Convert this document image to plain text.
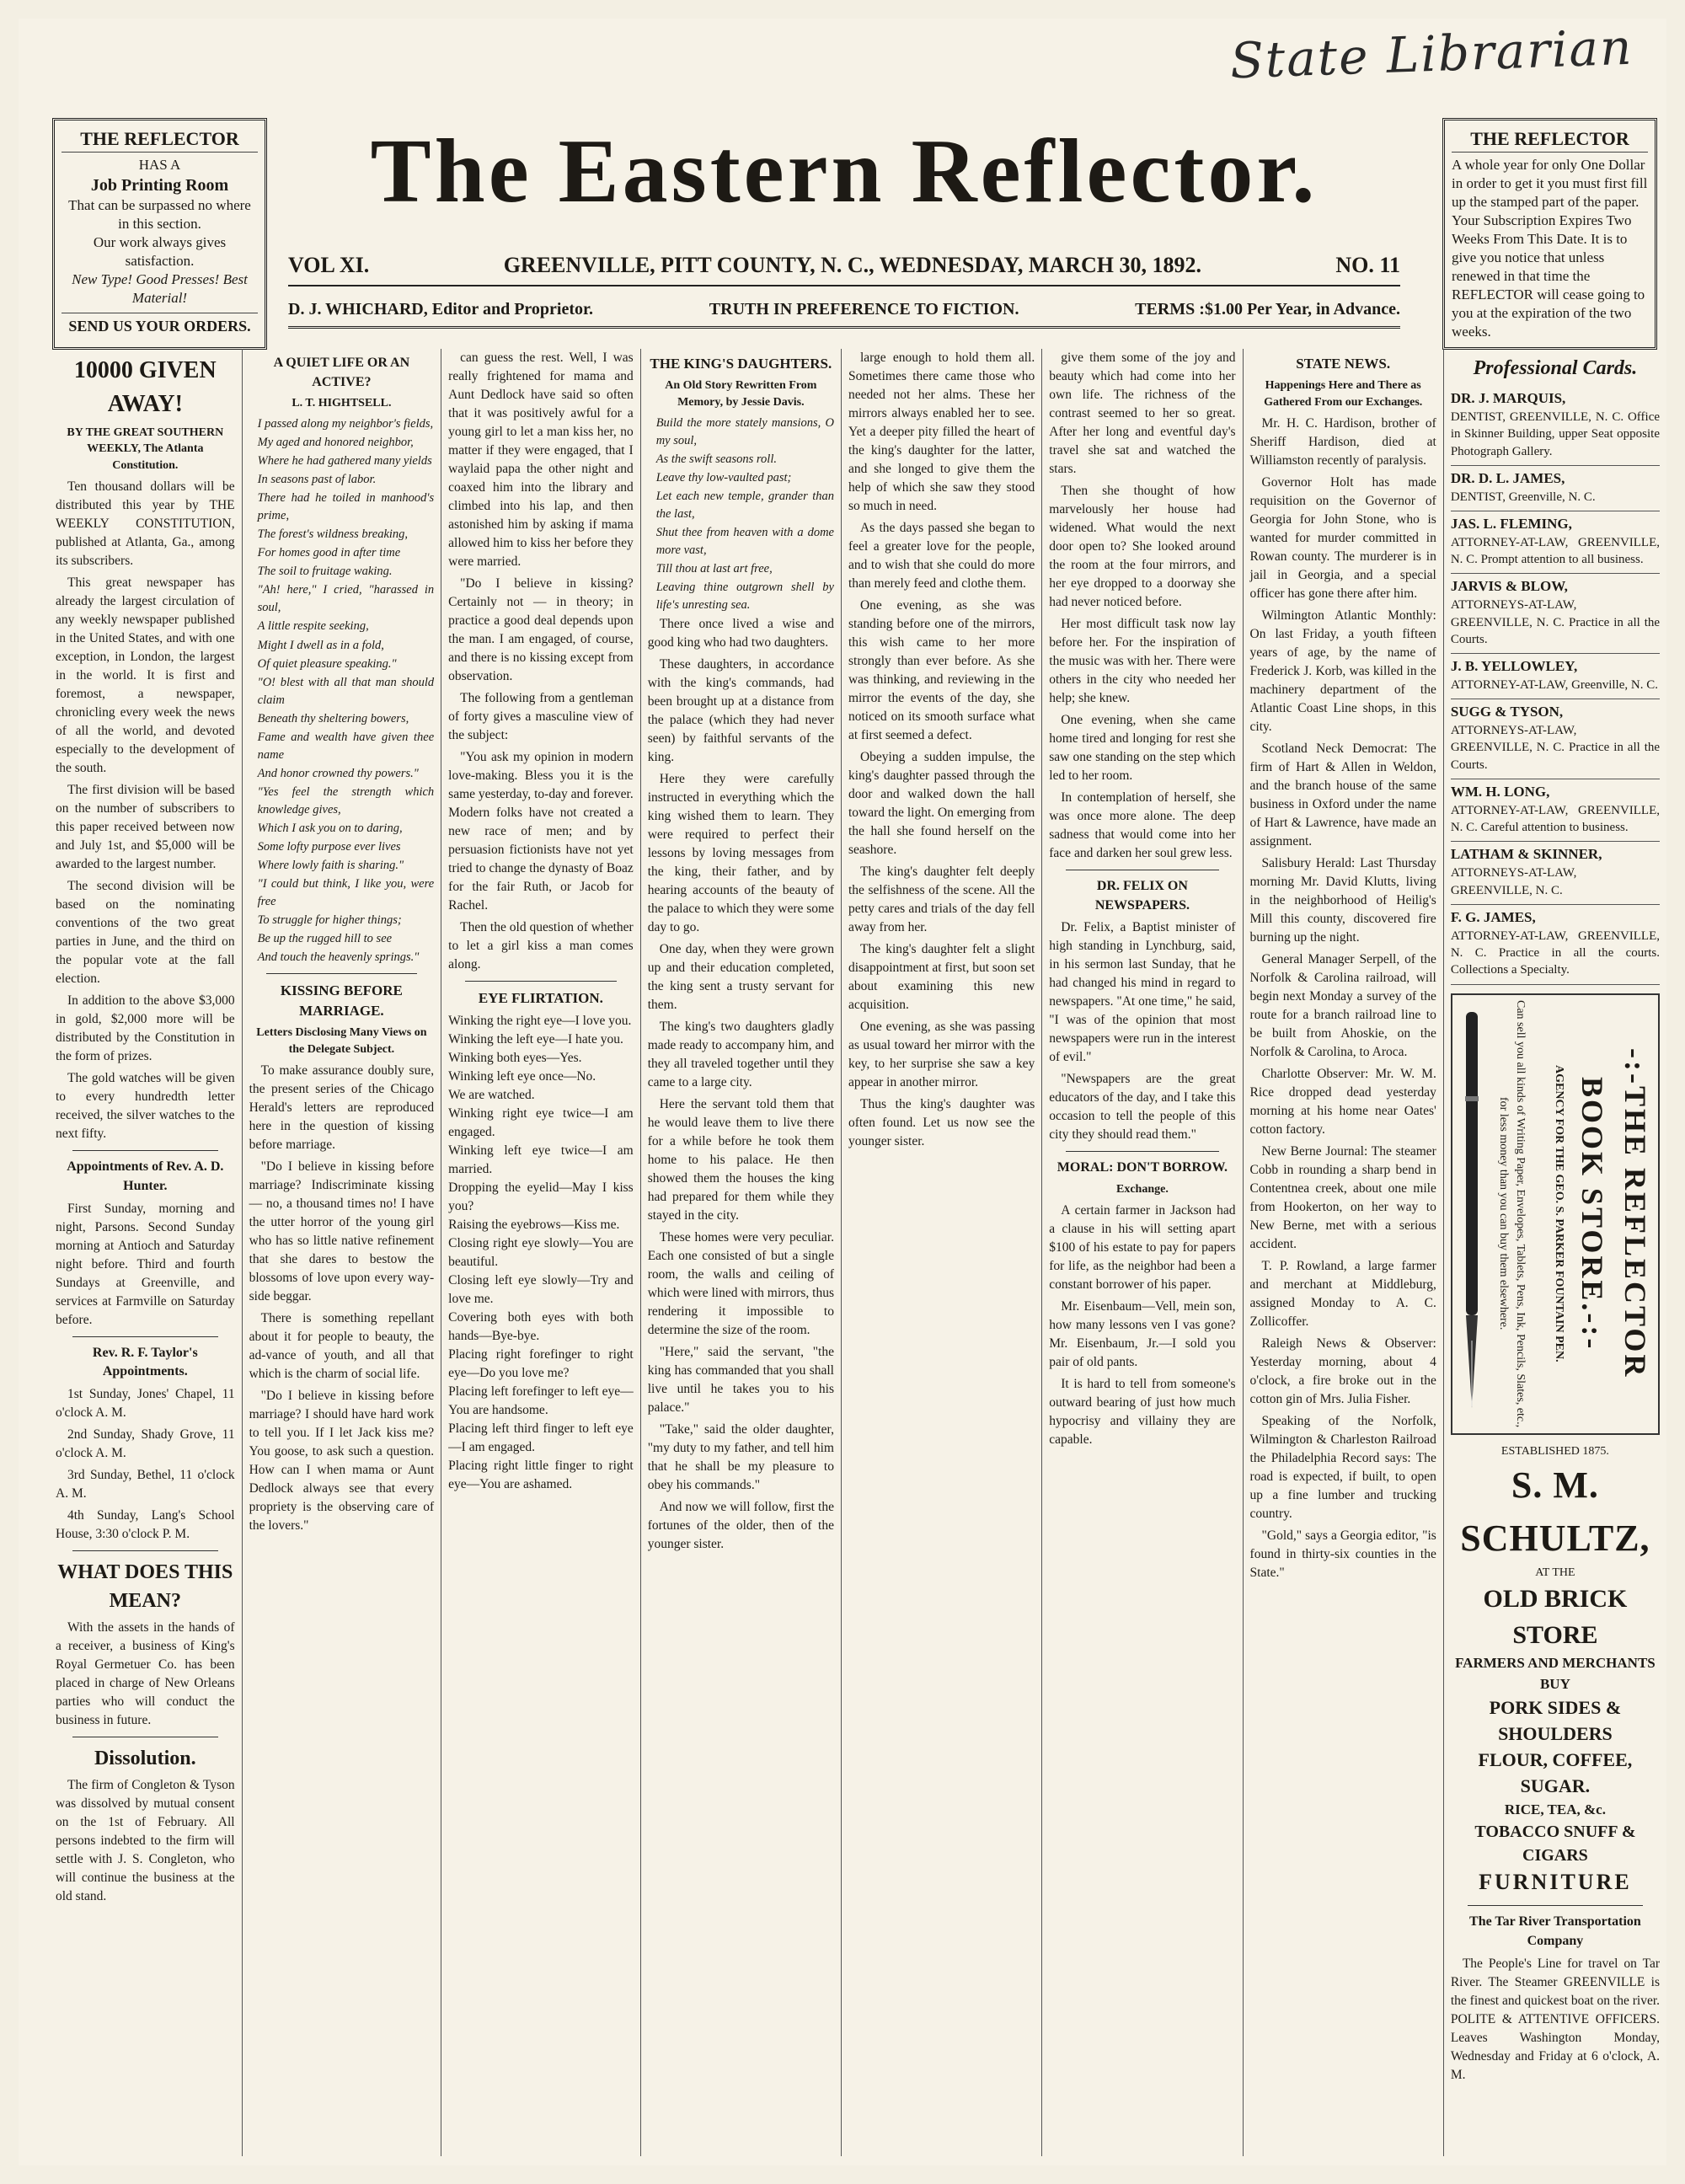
State Librarian
THE REFLECTOR
HAS A
Job Printing Room
That can be surpassed no where in this section.
Our work always gives satisfaction.
New Type! Good Presses! Best Material!
SEND US YOUR ORDERS.
The Eastern Reflector.	THE REFLECTOR
A whole year for only One Dollar in order to get it you must first fill up the stamped part of the paper. Your Subscription Expires Two Weeks From This Date. It is to give you notice that unless renewed in that time the REFLECTOR will cease going to you at the expiration of the two weeks.
VOL XI.	GREENVILLE, PITT COUNTY, N. C., WEDNESDAY, MARCH 30, 1892.	NO. 11
D. J. WHICHARD, Editor and Proprietor.	TRUTH IN PREFERENCE TO FICTION.	TERMS :$1.00 Per Year, in Advance.
10000 GIVEN AWAY!
BY THE GREAT SOUTHERN WEEKLY, The Atlanta Constitution.

Ten thousand dollars will be distributed this year by THE WEEKLY CONSTITUTION, published at Atlanta, Ga., among its subscribers.

This great newspaper has already the largest circulation of any weekly newspaper published in the United States, and with one exception, in London, the largest in the world. It is first and foremost, a newspaper, chronicling every week the news of all the world, and devoted especially to the development of the south.

The first division will be based on the number of subscribers to this paper received between now and July 1st, and $5,000 will be awarded to the largest number.

The second division will be based on the nominating conventions of the two great parties in June, and the third on the popular vote at the fall election.

In addition to the above $3,000 in gold, $2,000 more will be distributed by the Constitution in the form of prizes.

The gold watches will be given to every hundredth letter received, the silver watches to the next fifty.

Appointments of Rev. A. D. Hunter.

First Sunday, morning and night, Parsons. Second Sunday morning at Antioch and Saturday night before. Third and fourth Sundays at Greenville, and services at Farmville on Saturday before.

Rev. R. F. Taylor's Appointments.

1st Sunday, Jones' Chapel, 11 o'clock A. M.

2nd Sunday, Shady Grove, 11 o'clock A. M.

3rd Sunday, Bethel, 11 o'clock A. M.

4th Sunday, Lang's School House, 3:30 o'clock P. M.

WHAT DOES THIS MEAN?

With the assets in the hands of a receiver, a business of King's Royal Germetuer Co. has been placed in charge of New Orleans parties who will conduct the business in future.

Dissolution.

The firm of Congleton & Tyson was dissolved by mutual consent on the 1st of February. All persons indebted to the firm will settle with J. S. Congleton, who will continue the business at the old stand.

A QUIET LIFE OR AN ACTIVE?
L. T. HIGHTSELL.
I passed along my neighbor's fields,
My aged and honored neighbor,
Where he had gathered many yields
In seasons past of labor.
There had he toiled in manhood's prime,
The forest's wildness breaking,
For homes good in after time
The soil to fruitage waking.
"Ah! here," I cried, "harassed in soul,
A little respite seeking,
Might I dwell as in a fold,
Of quiet pleasure speaking."
"O! blest with all that man should claim
Beneath thy sheltering bowers,
Fame and wealth have given thee name
And honor crowned thy powers."
"Yes feel the strength which knowledge gives,
Which I ask you on to daring,
Some lofty purpose ever lives
Where lowly faith is sharing."
"I could but think, I like you, were free
To struggle for higher things;
Be up the rugged hill to see
And touch the heavenly springs."
KISSING BEFORE MARRIAGE.
Letters Disclosing Many Views on the Delegate Subject.

To make assurance doubly sure, the present series of the Chicago Herald's letters are reproduced here in the question of kissing before marriage.

"Do I believe in kissing before marriage? Indiscriminate kissing — no, a thousand times no! I have the utter horror of the young girl who has so little native refinement that she dares to bestow the blossoms of love upon every way-side beggar.

There is something repellant about it for people to beauty, the ad-vance of youth, and all that which is the charm of social life.

"Do I believe in kissing before marriage? I should have hard work to tell you. If I let Jack kiss me? You goose, to ask such a question. How can I when mama or Aunt Dedlock always see that every propriety is the observing care of the lovers."

can guess the rest. Well, I was really frightened for mama and Aunt Dedlock have said so often that it was positively awful for a young girl to let a man kiss her, no matter if they were engaged, that I waylaid papa the other night and coaxed him into the library and climbed into his lap, and then astonished him by asking if mama allowed him to kiss her before they were married.

"Do I believe in kissing? Certainly not — in theory; in practice a good deal depends upon the man. I am engaged, of course, and there is no kissing except from observation.

The following from a gentleman of forty gives a masculine view of the subject:

"You ask my opinion in modern love-making. Bless you it is the same yesterday, to-day and forever. Modern folks have not created a new race of men; and by persuasion fictionists have not yet tried to change the dynasty of Boaz for the fair Ruth, or Jacob for Rachel.

Then the old question of whether to let a girl kiss a man comes along.

EYE FLIRTATION.
Winking the right eye—I love you.
Winking the left eye—I hate you.
Winking both eyes—Yes.
Winking left eye once—No.
We are watched.
Winking right eye twice—I am engaged.
Winking left eye twice—I am married.
Dropping the eyelid—May I kiss you?
Raising the eyebrows—Kiss me.
Closing right eye slowly—You are beautiful.
Closing left eye slowly—Try and love me.
Covering both eyes with both hands—Bye-bye.
Placing right forefinger to right eye—Do you love me?
Placing left forefinger to left eye—You are handsome.
Placing left third finger to left eye—I am engaged.
Placing right little finger to right eye—You are ashamed.
THE KING'S DAUGHTERS.
An Old Story Rewritten From Memory, by Jessie Davis.
Build the more stately mansions, O my soul,
As the swift seasons roll.
Leave thy low-vaulted past;
Let each new temple, grander than the last,
Shut thee from heaven with a dome more vast,
Till thou at last art free,
Leaving thine outgrown shell by life's unresting sea.

There once lived a wise and good king who had two daughters.

These daughters, in accordance with the king's commands, had been brought up at a distance from the palace (which they had never seen) by faithful servants of the king.

Here they were carefully instructed in everything which the king wished them to learn. They were required to perfect their lessons by loving messages from the king, their father, and by hearing accounts of the beauty of the palace to which they were some day to go.

One day, when they were grown up and their education completed, the king sent a trusty servant for them.

The king's two daughters gladly made ready to accompany him, and they all traveled together until they came to a large city.

Here the servant told them that he would leave them to live there for a while before he took them home to his palace. He then showed them the houses the king had prepared for them while they stayed in the city.

These homes were very peculiar. Each one consisted of but a single room, the walls and ceiling of which were lined with mirrors, thus rendering it impossible to determine the size of the room.

"Here," said the servant, "the king has commanded that you shall live until he takes you to his palace."

"Take," said the older daughter, "my duty to my father, and tell him that he shall be my pleasure to obey his commands."

And now we will follow, first the fortunes of the older, then of the younger sister.

large enough to hold them all. Sometimes there came those who needed not her alms. These her mirrors always enabled her to see. Yet a deeper pity filled the heart of the king's daughter for the latter, and she longed to give them the help of which she saw they stood so much in need.

As the days passed she began to feel a greater love for the people, and to wish that she could do more than merely feed and clothe them.

One evening, as she was standing before one of the mirrors, this wish came to her more strongly than ever before. As she was thinking, and reviewing in the mirror the events of the day, she noticed on its smooth surface what at first seemed a defect.

Obeying a sudden impulse, the king's daughter passed through the door and walked down the hall toward the light. On emerging from the hall she found herself on the seashore.

The king's daughter felt deeply the selfishness of the scene. All the petty cares and trials of the day fell away from her.

The king's daughter felt a slight disappointment at first, but soon set about examining this new acquisition.

One evening, as she was passing as usual toward her mirror with the key, to her surprise she saw a key appear in another mirror.

Thus the king's daughter was often found. Let us now see the younger sister.

give them some of the joy and beauty which had come into her own life. The richness of the contrast seemed to her so great. After her long and eventful day's travel she sat and watched the stars.

Then she thought of how marvelously her house had widened. What would the next door open to? She looked around the room at the four mirrors, and her eye dropped to a doorway she had never noticed before.

Her most difficult task now lay before her. For the inspiration of the music was with her. There were others in the city who needed her help; she knew.

One evening, when she came home tired and longing for rest she saw one standing on the step which led to her room.

In contemplation of herself, she was once more alone. The deep sadness that would come into her face and darken her soul grew less.

DR. FELIX ON NEWSPAPERS.

Dr. Felix, a Baptist minister of high standing in Lynchburg, said, in his sermon last Sunday, that he had changed his mind in regard to newspapers. "At one time," he said, "I was of the opinion that most newspapers were run in the interest of evil."

"Newspapers are the great educators of the day, and I take this occasion to tell the people of this city they should read them."

MORAL: DON'T BORROW.
Exchange.

A certain farmer in Jackson had a clause in his will setting apart $100 of his estate to pay for papers for life, as the neighbor had been a constant borrower of his paper.

Mr. Eisenbaum—Vell, mein son, how many lessons ven I vas gone? Mr. Eisenbaum, Jr.—I sold you pair of old pants.

It is hard to tell from someone's outward bearing of just how much hypocrisy and villainy they are capable.

STATE NEWS.
Happenings Here and There as Gathered From our Exchanges.

Mr. H. C. Hardison, brother of Sheriff Hardison, died at Williamston recently of paralysis.

Governor Holt has made requisition on the Governor of Georgia for John Stone, who is wanted for murder committed in Rowan county. The murderer is in jail in Georgia, and a special officer has gone there after him.

Wilmington Atlantic Monthly: On last Friday, a youth fifteen years of age, by the name of Frederick J. Korb, was killed in the machinery department of the Atlantic Coast Line shops, in this city.

Scotland Neck Democrat: The firm of Hart & Allen in Weldon, and the branch house of the same business in Oxford under the name of Hart & Lawrence, have made an assignment.

Salisbury Herald: Last Thursday morning Mr. David Klutts, living in the neighborhood of Heilig's Mill this county, discovered fire burning up the night.

General Manager Serpell, of the Norfolk & Carolina railroad, will begin next Monday a survey of the route for a branch railroad line to be built from Ahoskie, on the Norfolk & Carolina, to Aroca.

Charlotte Observer: Mr. W. M. Rice dropped dead yesterday morning at his home near Oates' cotton factory.

New Berne Journal: The steamer Cobb in rounding a sharp bend in Contentnea creek, about one mile from Hookerton, on her way to New Berne, met with a serious accident.

T. P. Rowland, a large farmer and merchant at Middleburg, assigned Monday to A. C. Zollicoffer.

Raleigh News & Observer: Yesterday morning, about 4 o'clock, a fire broke out in the cotton gin of Mrs. Julia Fisher.

Speaking of the Norfolk, Wilmington & Charleston Railroad the Philadelphia Record says: The road is expected, if built, to open up a fine lumber and trucking country.

"Gold," says a Georgia editor, "is found in thirty-six counties in the State."

Professional Cards.
DR. J. MARQUIS,
DENTIST, GREENVILLE, N. C. Office in Skinner Building, upper Seat opposite Photograph Gallery.
DR. D. L. JAMES,
DENTIST, Greenville, N. C.
JAS. L. FLEMING,
ATTORNEY-AT-LAW, GREENVILLE, N. C. Prompt attention to all business.
JARVIS & BLOW,
ATTORNEYS-AT-LAW, GREENVILLE, N. C. Practice in all the Courts.
J. B. YELLOWLEY,
ATTORNEY-AT-LAW, Greenville, N. C.
SUGG & TYSON,
ATTORNEYS-AT-LAW, GREENVILLE, N. C. Practice in all the Courts.
WM. H. LONG,
ATTORNEY-AT-LAW, GREENVILLE, N. C. Careful attention to business.
LATHAM & SKINNER,
ATTORNEYS-AT-LAW, GREENVILLE, N. C.
F. G. JAMES,
ATTORNEY-AT-LAW, GREENVILLE, N. C. Practice in all the courts. Collections a Specialty.
Can sell you all kinds of Writing Paper, Envelopes, Tablets, Pens, Ink, Pencils, Slates, etc., for less money than you can buy them elsewhere.	AGENCY FOR THE GEO. S. PARKER FOUNTAIN PEN.	-:-THE REFLECTOR BOOK STORE.-:-
ESTABLISHED 1875.
S. M. SCHULTZ,
AT THE
OLD BRICK STORE
FARMERS AND MERCHANTS BUY
PORK SIDES & SHOULDERS
FLOUR, COFFEE, SUGAR.
RICE, TEA, &c.
TOBACCO SNUFF & CIGARS
FURNITURE
The Tar River Transportation Company

The People's Line for travel on Tar River. The Steamer GREENVILLE is the finest and quickest boat on the river. POLITE & ATTENTIVE OFFICERS. Leaves Washington Monday, Wednesday and Friday at 6 o'clock, A. M.
